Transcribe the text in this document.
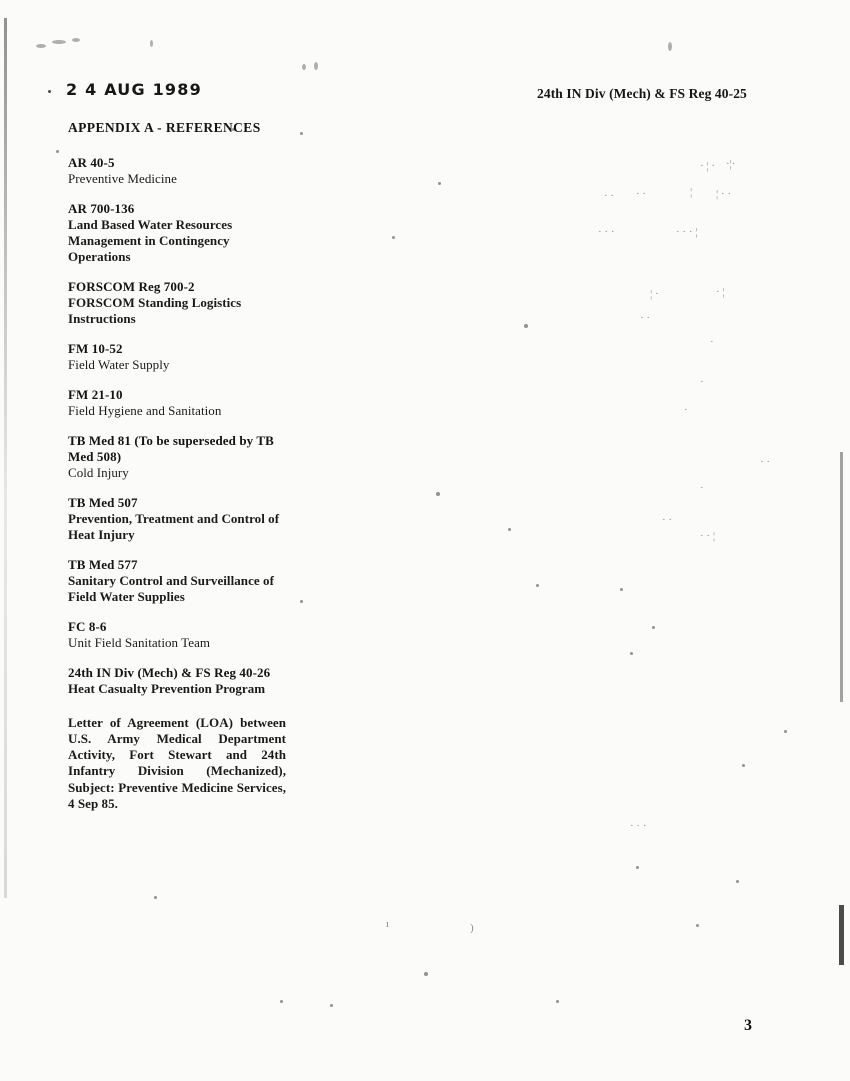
· ¦ · ·¦·
· · · ·	¦ ¦ · ·
· · ·	· · · ¦
¦ ·	· ¦
· ·
·
·
·
· ·
·
· ·
· · ¦
· · ·
ı	)
2 4 AUG 1989	24th IN Div (Mech) & FS Reg 40-25
APPENDIX A - REFERENCES
AR 40-5
Preventive Medicine
AR 700-136
Land Based Water Resources Management in Contingency Operations
FORSCOM Reg 700-2
FORSCOM Standing Logistics Instructions
FM 10-52
Field Water Supply
FM 21-10
Field Hygiene and Sanitation
TB Med 81 (To be superseded by TB Med 508)
Cold Injury
TB Med 507
Prevention, Treatment and Control of Heat Injury
TB Med 577
Sanitary Control and Surveillance of Field Water Supplies
FC 8-6
Unit Field Sanitation Team
24th IN Div (Mech) & FS Reg 40-26
Heat Casualty Prevention Program
Letter of Agreement (LOA) between U.S. Army Medical Department Activity, Fort Stewart and 24th Infantry Division (Mechanized), Subject: Preventive Medicine Services, 4 Sep 85.
3
